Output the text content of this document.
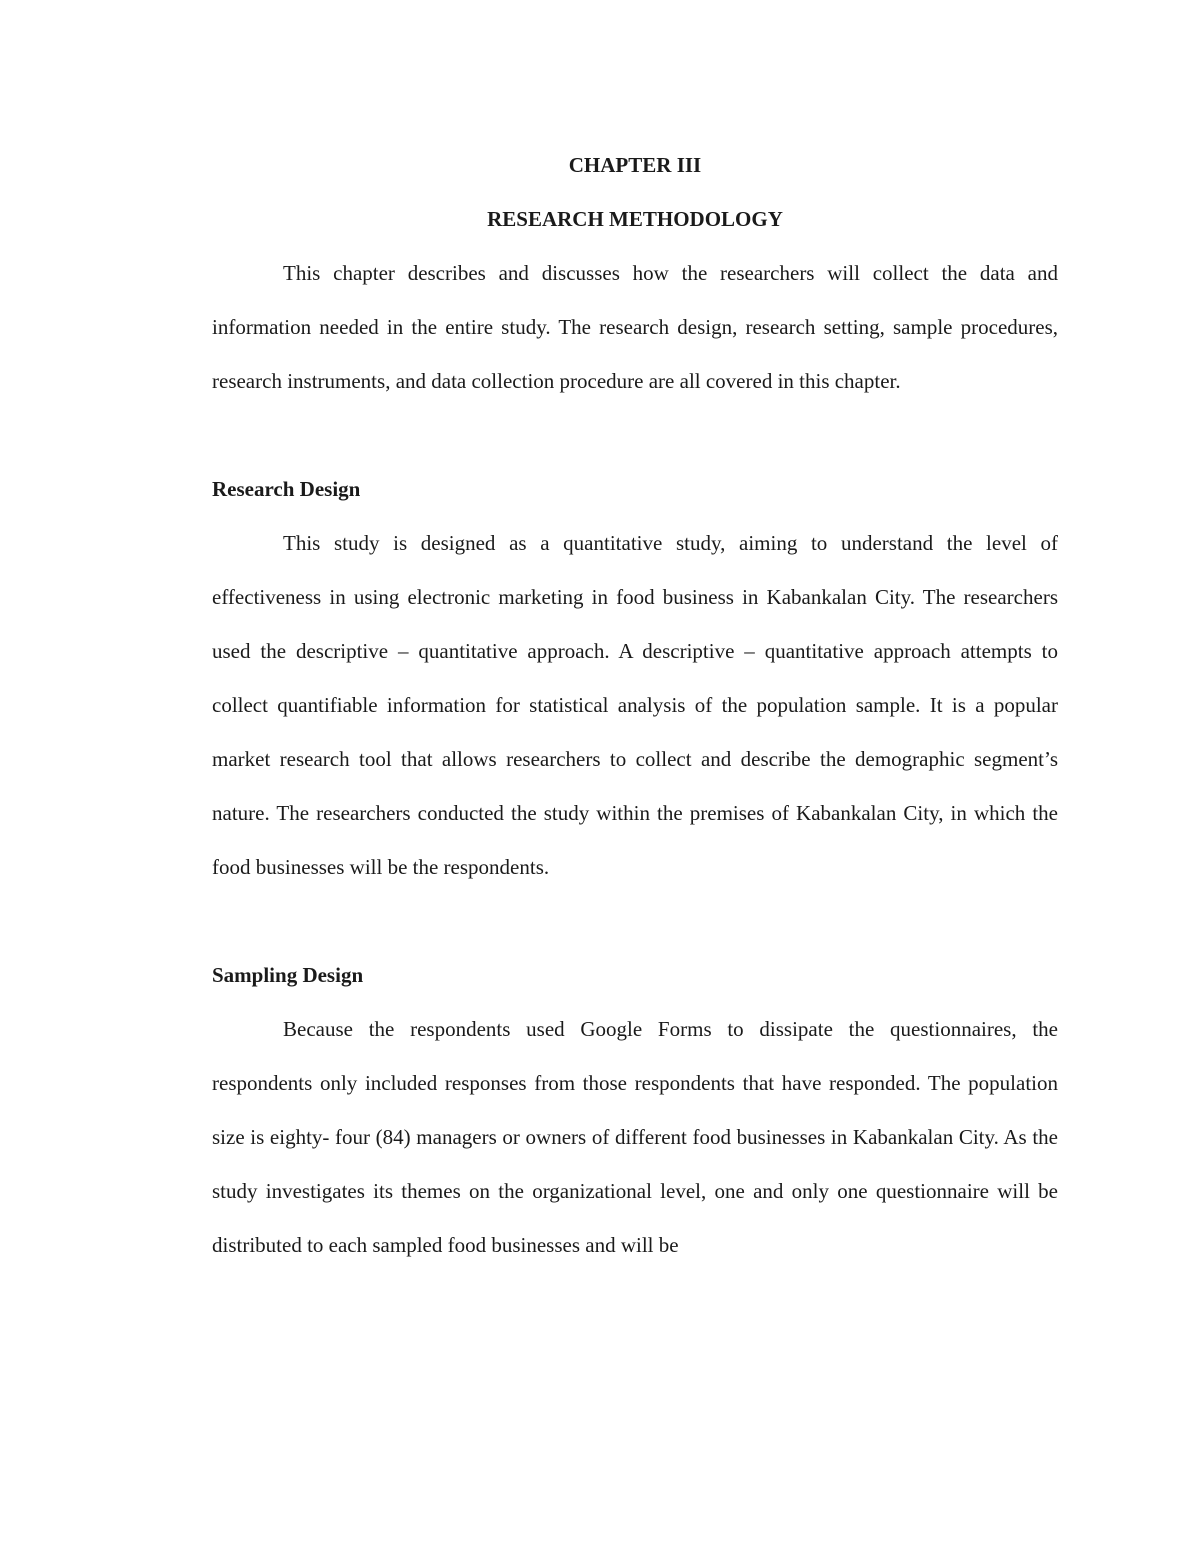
CHAPTER III
RESEARCH METHODOLOGY

This chapter describes and discusses how the researchers will collect the data and information needed in the entire study. The research design, research setting, sample procedures, research instruments, and data collection procedure are all covered in this chapter.

Research Design

This study is designed as a quantitative study, aiming to understand the level of effectiveness in using electronic marketing in food business in Kabankalan City. The researchers used the descriptive – quantitative approach. A descriptive – quantitative approach attempts to collect quantifiable information for statistical analysis of the population sample. It is a popular market research tool that allows researchers to collect and describe the demographic segment’s nature. The researchers conducted the study within the premises of Kabankalan City, in which the food businesses will be the respondents.

Sampling Design

Because the respondents used Google Forms to dissipate the questionnaires, the respondents only included responses from those respondents that have responded. The population size is eighty- four (84) managers or owners of different food businesses in Kabankalan City. As the study investigates its themes on the organizational level, one and only one questionnaire will be distributed to each sampled food businesses and will be
